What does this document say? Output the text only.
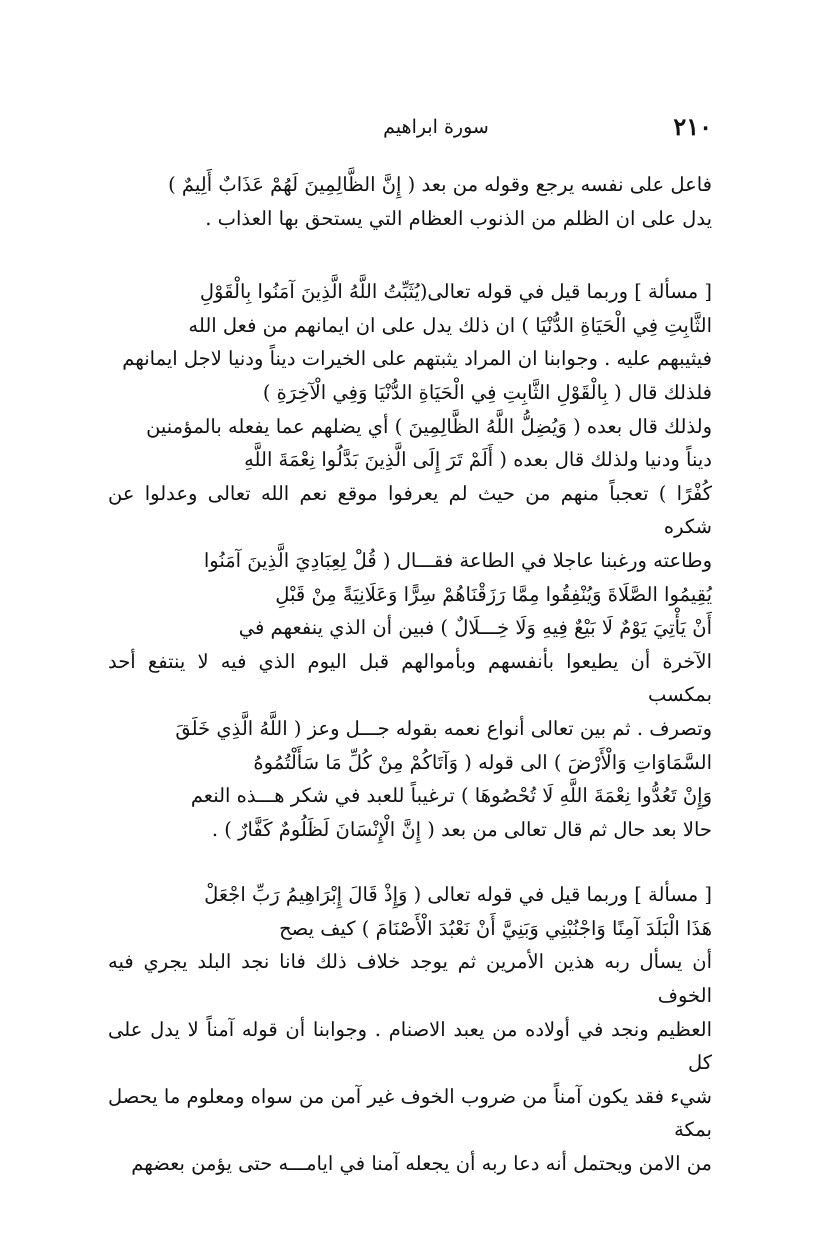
٢١٠
سورة ابراهيم

فاعل على نفسه يرجع وقوله من بعد ( إِنَّ الظَّالِمِينَ لَهُمْ عَذَابٌ أَلِيمٌ )

يدل على ان الظلم من الذنوب العظام التي يستحق بها العذاب .

[ مسألة ] وربما قيل في قوله تعالى(يُثَبِّتُ اللَّهُ الَّذِينَ آمَنُوا بِالْقَوْلِ

الثَّابِتِ فِي الْحَيَاةِ الدُّنْيَا ) ان ذلك يدل على ان ايمانهم من فعل الله

فيثيبهم عليه . وجوابنا ان المراد يثبتهم على الخيرات ديناً ودنيا لاجل ايمانهم

فلذلك قال ( بِالْقَوْلِ الثَّابِتِ فِي الْحَيَاةِ الدُّنْيَا وَفِي الْآخِرَةِ )

ولذلك قال بعده ( وَيُضِلُّ اللَّهُ الظَّالِمِينَ ) أي يضلهم عما يفعله بالمؤمنين

ديناً ودنيا ولذلك قال بعده ( أَلَمْ تَرَ إِلَى الَّذِينَ بَدَّلُوا نِعْمَةَ اللَّهِ

كُفْرًا ) تعجباً منهم من حيث لم يعرفوا موقع نعم الله تعالى وعدلوا عن شكره

وطاعته ورغبنا عاجلا في الطاعة فقـــال ( قُلْ لِعِبَادِيَ الَّذِينَ آمَنُوا

يُقِيمُوا الصَّلَاةَ وَيُنْفِقُوا مِمَّا رَزَقْنَاهُمْ سِرًّا وَعَلَانِيَةً مِنْ قَبْلِ

أَنْ يَأْتِيَ يَوْمٌ لَا بَيْعٌ فِيهِ وَلَا خِـــلَالٌ ) فبين أن الذي ينفعهم في

الآخرة أن يطيعوا بأنفسهم وبأموالهم قبل اليوم الذي فيه لا ينتفع أحد بمكسب

وتصرف . ثم بين تعالى أنواع نعمه بقوله جـــل وعز ( اللَّهُ الَّذِي خَلَقَ

السَّمَاوَاتِ وَالْأَرْضَ ) الى قوله ( وَآتَاكُمْ مِنْ كُلِّ مَا سَأَلْتُمُوهُ

وَإِنْ تَعُدُّوا نِعْمَةَ اللَّهِ لَا تُحْصُوهَا ) ترغيباً للعبد في شكر هـــذه النعم

حالا بعد حال ثم قال تعالى من بعد ( إِنَّ الْإِنْسَانَ لَظَلُومٌ كَفَّارٌ ) .

[ مسألة ] وربما قيل في قوله تعالى ( وَإِذْ قَالَ إِبْرَاهِيمُ رَبِّ اجْعَلْ

هَذَا الْبَلَدَ آمِنًا وَاجْنُبْنِي وَبَنِيَّ أَنْ نَعْبُدَ الْأَصْنَامَ ) كيف يصح

أن يسأل ربه هذين الأمرين ثم يوجد خلاف ذلك فانا نجد البلد يجري فيه الخوف

العظيم ونجد في أولاده من يعبد الاصنام . وجوابنا أن قوله آمناً لا يدل على كل

شيء فقد يكون آمناً من ضروب الخوف غير آمن من سواه ومعلوم ما يحصل بمكة

من الامن ويحتمل أنه دعا ربه أن يجعله آمنا في ايامـــه حتى يؤمن بعضهم
